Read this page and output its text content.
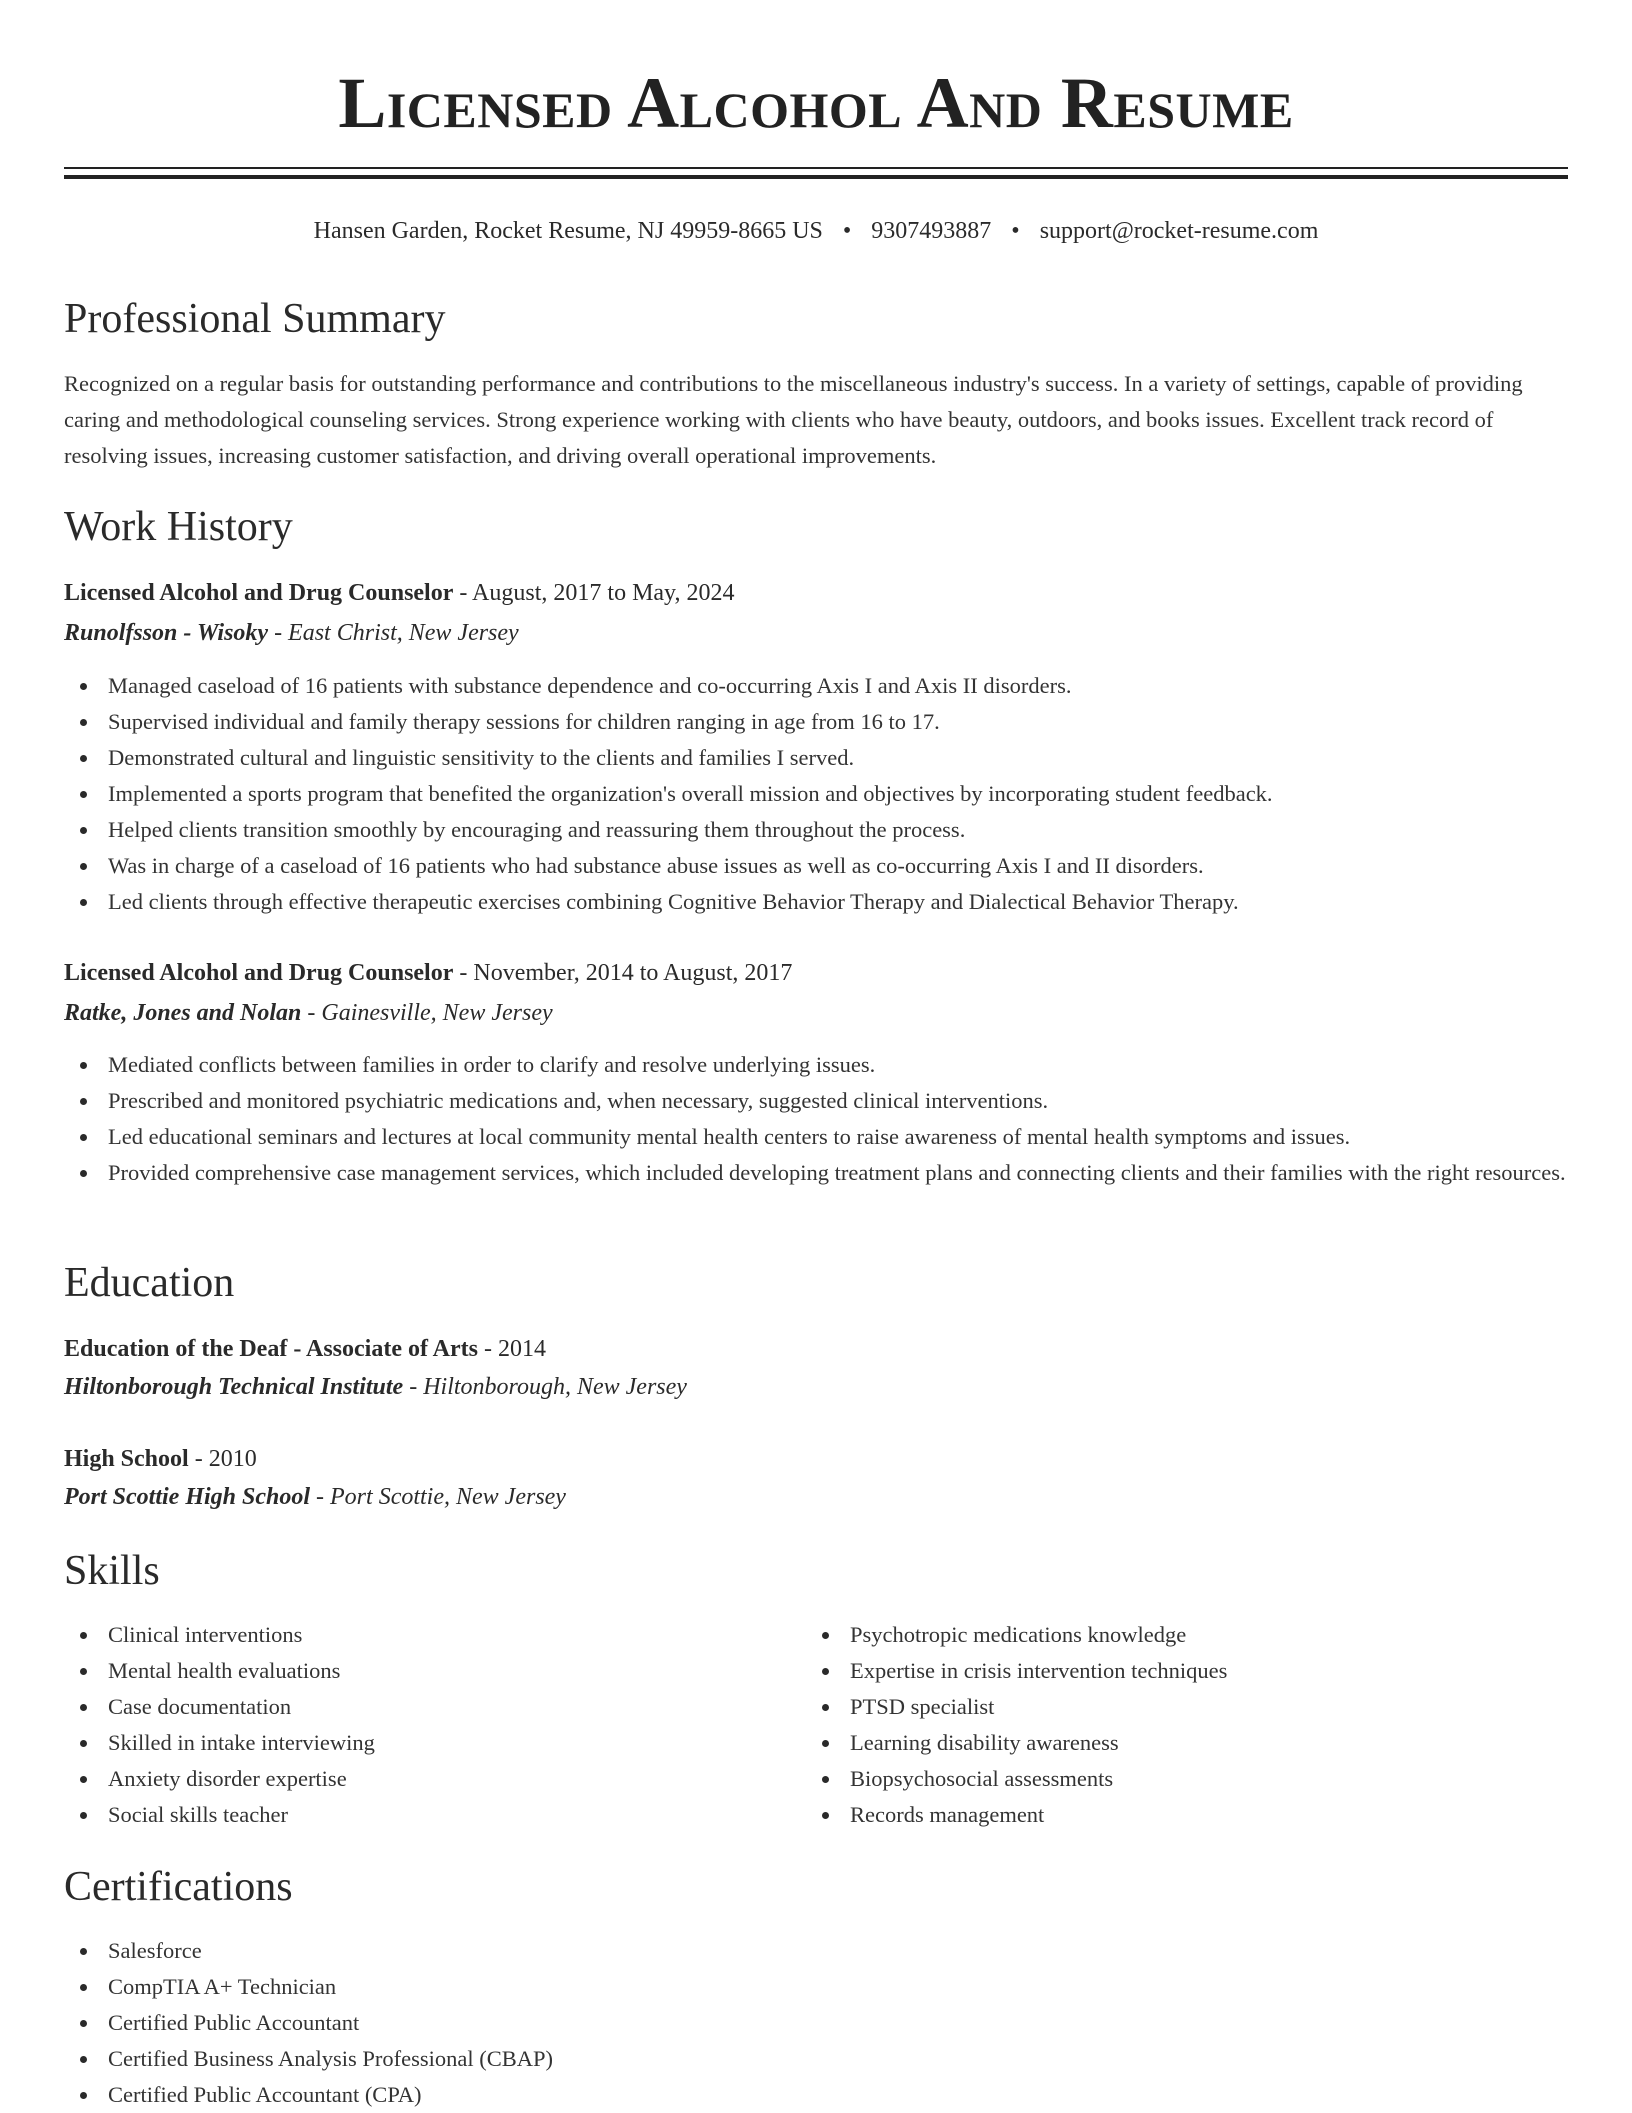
Licensed Alcohol And Resume
Hansen Garden, Rocket Resume, NJ 49959-8665 US • 9307493887 • support@rocket-resume.com
Professional Summary

Recognized on a regular basis for outstanding performance and contributions to the miscellaneous industry's success. In a variety of settings, capable of providing caring and methodological counseling services. Strong experience working with clients who have beauty, outdoors, and books issues. Excellent track record of resolving issues, increasing customer satisfaction, and driving overall operational improvements.

Work History
Licensed Alcohol and Drug Counselor - August, 2017 to May, 2024
Runolfsson - Wisoky - East Christ, New Jersey
Managed caseload of 16 patients with substance dependence and co-occurring Axis I and Axis II disorders.
Supervised individual and family therapy sessions for children ranging in age from 16 to 17.
Demonstrated cultural and linguistic sensitivity to the clients and families I served.
Implemented a sports program that benefited the organization's overall mission and objectives by incorporating student feedback.
Helped clients transition smoothly by encouraging and reassuring them throughout the process.
Was in charge of a caseload of 16 patients who had substance abuse issues as well as co-occurring Axis I and II disorders.
Led clients through effective therapeutic exercises combining Cognitive Behavior Therapy and Dialectical Behavior Therapy.
Licensed Alcohol and Drug Counselor - November, 2014 to August, 2017
Ratke, Jones and Nolan - Gainesville, New Jersey
Mediated conflicts between families in order to clarify and resolve underlying issues.
Prescribed and monitored psychiatric medications and, when necessary, suggested clinical interventions.
Led educational seminars and lectures at local community mental health centers to raise awareness of mental health symptoms and issues.
Provided comprehensive case management services, which included developing treatment plans and connecting clients and their families with the right resources.
Education
Education of the Deaf - Associate of Arts - 2014
Hiltonborough Technical Institute - Hiltonborough, New Jersey
High School - 2010
Port Scottie High School - Port Scottie, New Jersey
Skills
Clinical interventions
Mental health evaluations
Case documentation
Skilled in intake interviewing
Anxiety disorder expertise
Social skills teacher
Psychotropic medications knowledge
Expertise in crisis intervention techniques
PTSD specialist
Learning disability awareness
Biopsychosocial assessments
Records management
Certifications
Salesforce
CompTIA A+ Technician
Certified Public Accountant
Certified Business Analysis Professional (CBAP)
Certified Public Accountant (CPA)
